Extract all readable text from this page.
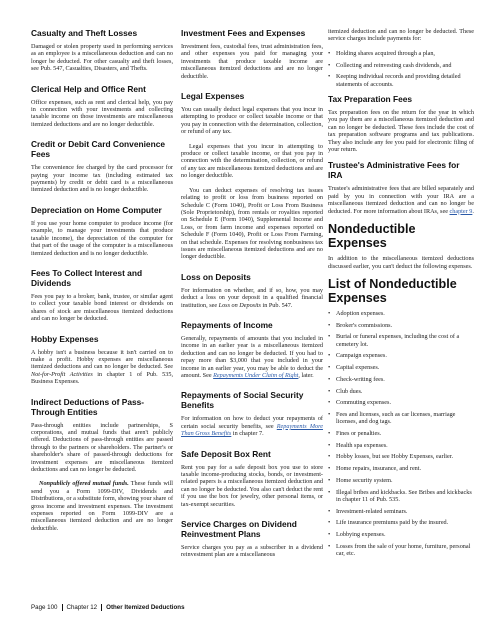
Casualty and Theft Losses

Damaged or stolen property used in performing services as an employee is a miscellaneous deduction and can no longer be deducted. For other casualty and theft losses, see Pub. 547, Casualties, Disasters, and Thefts.

Clerical Help and Office Rent

Office expenses, such as rent and clerical help, you pay in connection with your investments and collecting taxable income on those investments are miscellaneous itemized deductions and are no longer deductible.

Credit or Debit Card Convenience Fees

The convenience fee charged by the card processor for paying your income tax (including estimated tax payments) by credit or debit card is a miscellaneous itemized deduction and is no longer deductible.

Depreciation on Home Computer

If you use your home computer to produce income (for example, to manage your investments that produce taxable income), the depreciation of the computer for that part of the usage of the computer is a miscellaneous itemized deduction and is no longer deductible.

Fees To Collect Interest and Dividends

Fees you pay to a broker, bank, trustee, or similar agent to collect your taxable bond interest or dividends on shares of stock are miscellaneous itemized deductions and can no longer be deducted.

Hobby Expenses

A hobby isn't a business because it isn't carried on to make a profit. Hobby expenses are miscellaneous itemized deductions and can no longer be deducted. See Not-for-Profit Activities in chapter 1 of Pub. 535, Business Expenses.

Indirect Deductions of Pass-Through Entities

Pass-through entities include partnerships, S corporations, and mutual funds that aren't publicly offered. Deductions of pass-through entities are passed through to the partners or shareholders. The partner's or shareholder's share of passed-through deductions for investment expenses are miscellaneous itemized deductions and can no longer be deducted.

Nonpublicly offered mutual funds. These funds will send you a Form 1099-DIV, Dividends and Distributions, or a substitute form, showing your share of gross income and investment expenses. The investment expenses reported on Form 1099-DIV are a miscellaneous itemized deduction and are no longer deductible.

Investment Fees and Expenses

Investment fees, custodial fees, trust administration fees, and other expenses you paid for managing your investments that produce taxable income are miscellaneous itemized deductions and are no longer deductible.

Legal Expenses

You can usually deduct legal expenses that you incur in attempting to produce or collect taxable income or that you pay in connection with the determination, collection, or refund of any tax.

Legal expenses that you incur in attempting to produce or collect taxable income, or that you pay in connection with the determination, collection, or refund of any tax are miscellaneous itemized deductions and are no longer deductible.

You can deduct expenses of resolving tax issues relating to profit or loss from business reported on Schedule C (Form 1040), Profit or Loss From Business (Sole Proprietorship), from rentals or royalties reported on Schedule E (Form 1040), Supplemental Income and Loss, or from farm income and expenses reported on Schedule F (Form 1040), Profit or Loss From Farming, on that schedule. Expenses for resolving nonbusiness tax issues are miscellaneous itemized deductions and are no longer deductible.

Loss on Deposits

For information on whether, and if so, how, you may deduct a loss on your deposit in a qualified financial institution, see Loss on Deposits in Pub. 547.

Repayments of Income

Generally, repayments of amounts that you included in income in an earlier year is a miscellaneous itemized deduction and can no longer be deducted. If you had to repay more than $3,000 that you included in your income in an earlier year, you may be able to deduct the amount. See Repayments Under Claim of Right, later.

Repayments of Social Security Benefits

For information on how to deduct your repayments of certain social security benefits, see Repayments More Than Gross Benefits in chapter 7.

Safe Deposit Box Rent

Rent you pay for a safe deposit box you use to store taxable income-producing stocks, bonds, or investment-related papers is a miscellaneous itemized deduction and can no longer be deducted. You also can't deduct the rent if you use the box for jewelry, other personal items, or tax-exempt securities.

Service Charges on Dividend Reinvestment Plans

Service charges you pay as a subscriber in a dividend reinvestment plan are a miscellaneous

itemized deduction and can no longer be deducted. These service charges include payments for:

• Holding shares acquired through a plan,
• Collecting and reinvesting cash dividends, and
• Keeping individual records and providing detailed statements of accounts.
Tax Preparation Fees

Tax preparation fees on the return for the year in which you pay them are a miscellaneous itemized deduction and can no longer be deducted. These fees include the cost of tax preparation software programs and tax publications. They also include any fee you paid for electronic filing of your return.

Trustee's Administrative Fees for IRA

Trustee's administrative fees that are billed separately and paid by you in connection with your IRA are a miscellaneous itemized deduction and can no longer be deducted. For more information about IRAs, see chapter 9.

Nondeductible Expenses

In addition to the miscellaneous itemized deductions discussed earlier, you can't deduct the following expenses.

List of Nondeductible Expenses
• Adoption expenses.
• Broker's commissions.
• Burial or funeral expenses, including the cost of a cemetery lot.
• Campaign expenses.
• Capital expenses.
• Check-writing fees.
• Club dues.
• Commuting expenses.
• Fees and licenses, such as car licenses, marriage licenses, and dog tags.
• Fines or penalties.
• Health spa expenses.
• Hobby losses, but see Hobby Expenses, earlier.
• Home repairs, insurance, and rent.
• Home security system.
• Illegal bribes and kickbacks. See Bribes and kickbacks in chapter 11 of Pub. 535.
• Investment-related seminars.
• Life insurance premiums paid by the insured.
• Lobbying expenses.
• Losses from the sale of your home, furniture, personal car, etc.
Page 100 Chapter 12 Other Itemized Deductions
